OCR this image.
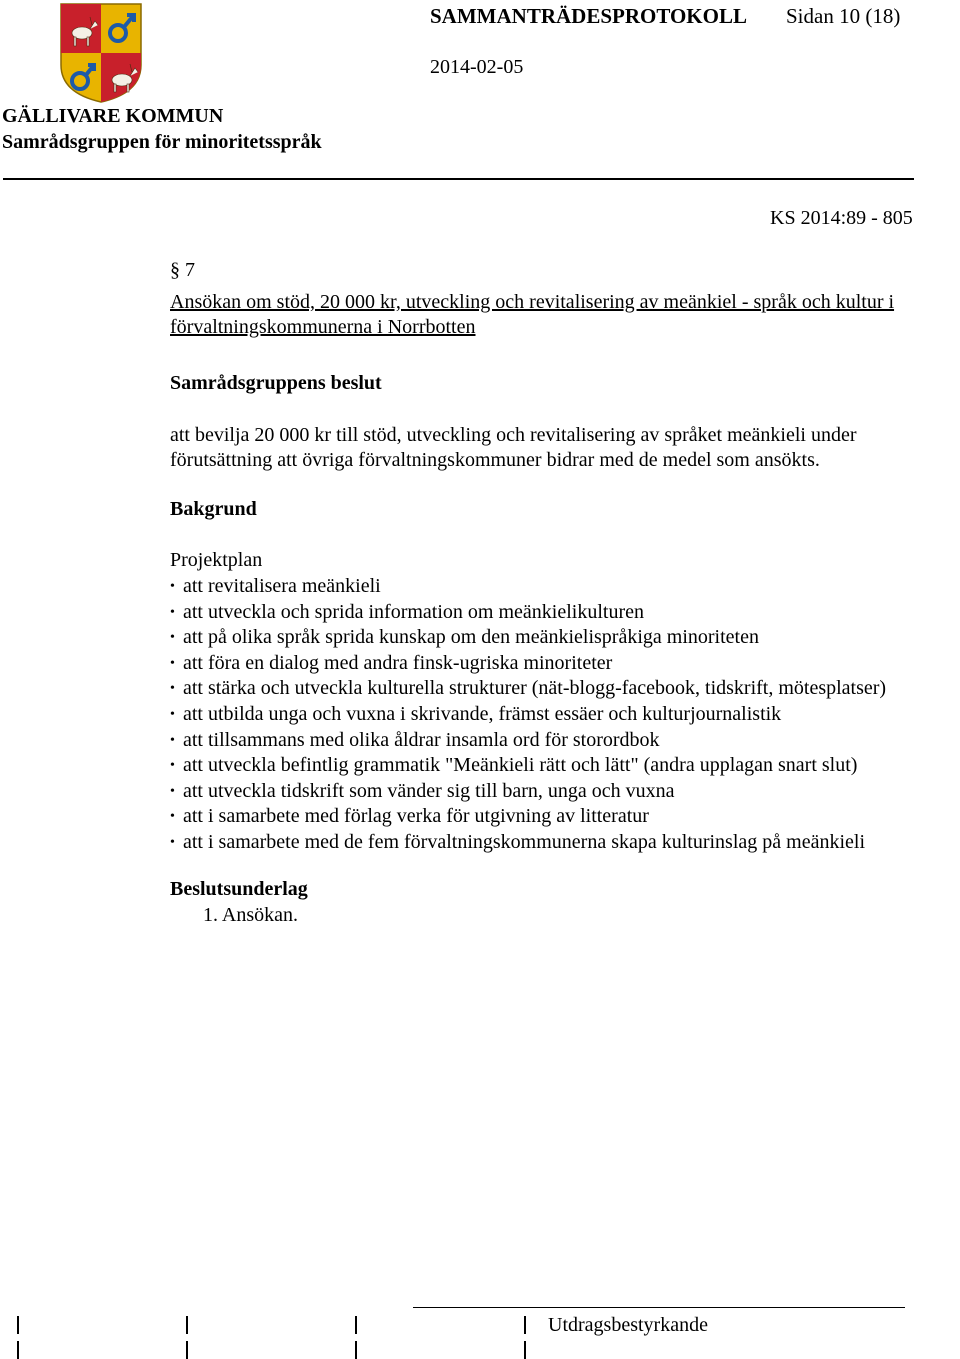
SAMMANTRÄDESPROTOKOLL Sidan 10 (18)
2014-02-05
GÄLLIVARE KOMMUN
Samrådsgruppen för minoritetsspråk
KS 2014:89 - 805
§ 7
Ansökan om stöd, 20 000 kr, utveckling och revitalisering av meänkiel - språk och kultur i förvaltningskommunerna i Norrbotten
Samrådsgruppens beslut
att bevilja 20 000 kr till stöd, utveckling och revitalisering av språket meänkieli under förutsättning att övriga förvaltningskommuner bidrar med de medel som ansökts.
Bakgrund
Projektplan
• att revitalisera meänkieli
• att utveckla och sprida information om meänkielikulturen
• att på olika språk sprida kunskap om den meänkielispråkiga minoriteten
• att föra en dialog med andra finsk-ugriska minoriteter
• att stärka och utveckla kulturella strukturer (nät-blogg-facebook, tidskrift, mötesplatser)
• att utbilda unga och vuxna i skrivande, främst essäer och kulturjournalistik
• att tillsammans med olika åldrar insamla ord för storordbok
• att utveckla befintlig grammatik "Meänkieli rätt och lätt" (andra upplagan snart slut)
• att utveckla tidskrift som vänder sig till barn, unga och vuxna
• att i samarbete med förlag verka för utgivning av litteratur
• att i samarbete med de fem förvaltningskommunerna skapa kulturinslag på meänkieli
Beslutsunderlag
1. Ansökan.
Utdragsbestyrkande
